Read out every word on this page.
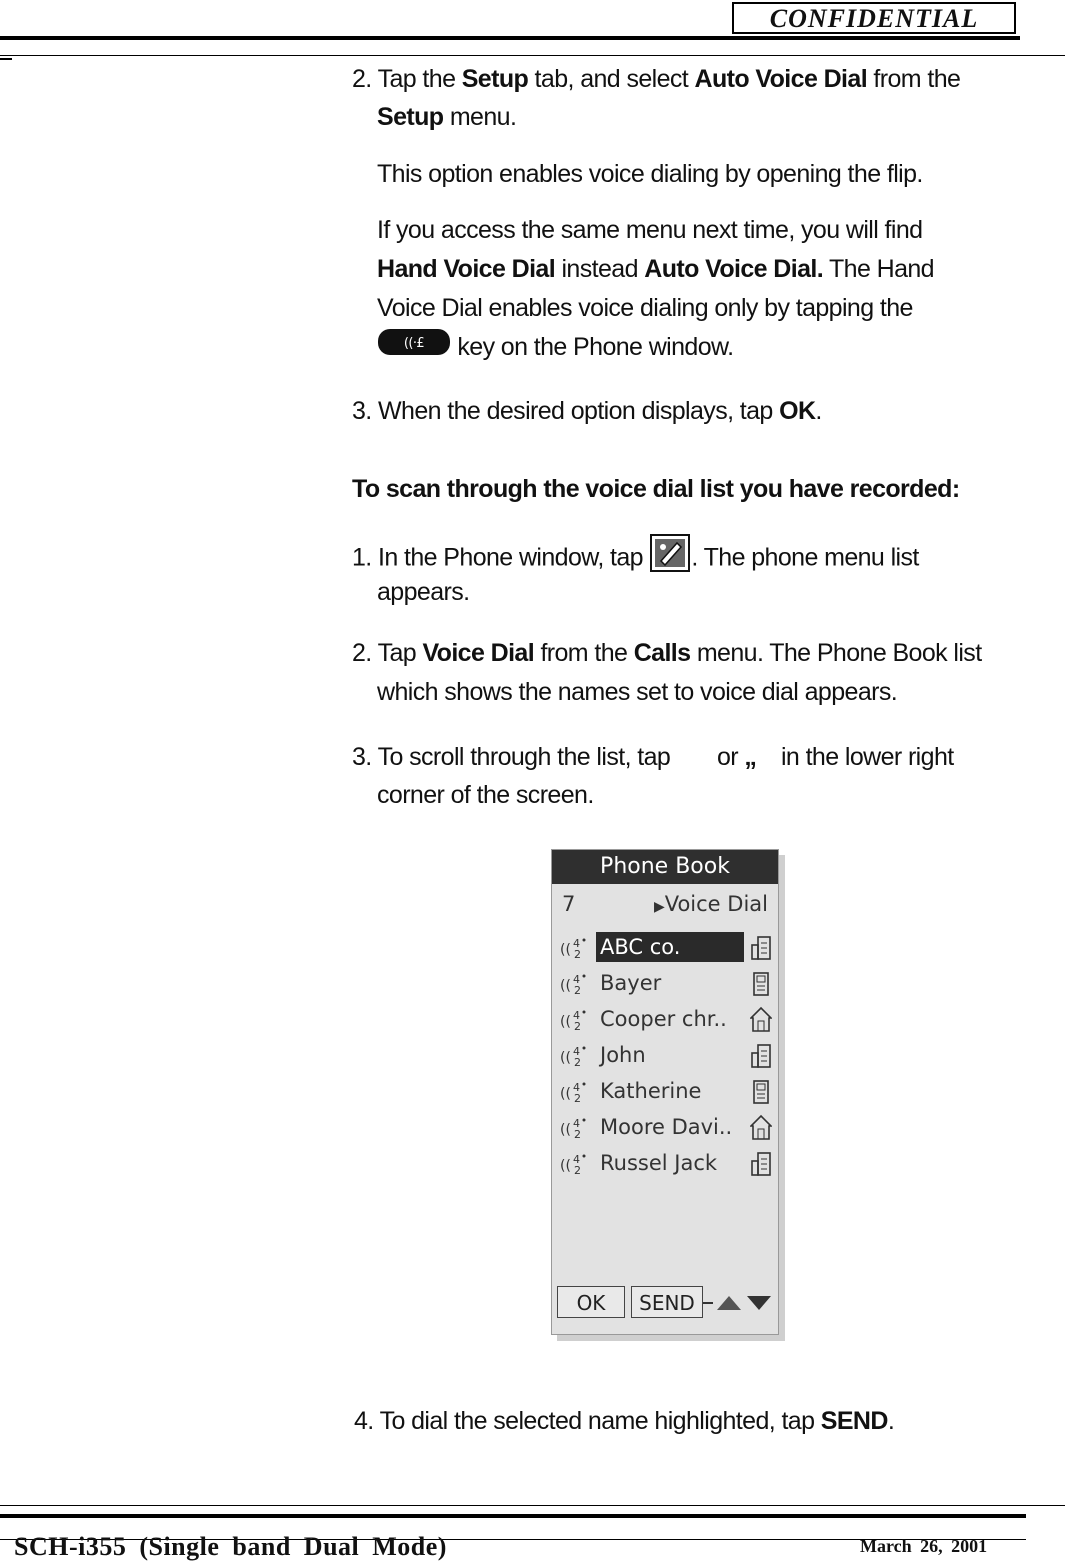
CONFIDENTIAL
2. Tap the Setup tab, and select Auto Voice Dial from the
Setup menu.
This option enables voice dialing by opening the flip.
If you access the same menu next time, you will find
Hand Voice Dial instead Auto Voice Dial. The Hand
Voice Dial enables voice dialing only by tapping the
((·£ key on the Phone window.
3. When the desired option displays, tap OK.
To scan through the voice dial list you have recorded:
1. In the Phone window, tap . The phone menu list
appears.
2. Tap Voice Dial from the Calls menu. The Phone Book list
which shows the names set to voice dial appears.
3. To scroll through the list, tap or „ in the lower right
corner of the screen.
4. To dial the selected name highlighted, tap SEND.
Phone Book
7	▶Voice Dial
(( 4
2 ABC co.
(( 4
2 Bayer
(( 4
2 Cooper chr..
(( 4
2 John
(( 4
2 Katherine
(( 4
2 Moore Davi..
(( 4
2 Russel Jack
OK	SEND
SCH-i355 (Single band Dual Mode)	March 26, 2001
